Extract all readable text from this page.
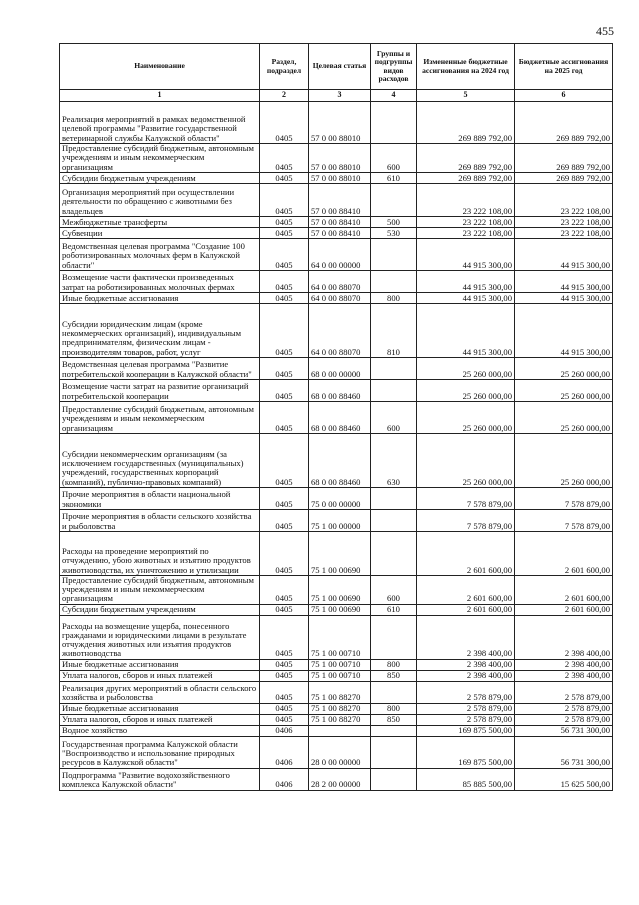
455
Наименование	Раздел, подраздел	Целевая статья	Группы и подгруппы видов расходов	Измененные бюджетные ассигнования на 2024 год	Бюджетные ассигнования на 2025 год
1	2	3	4	5	6
Реализация мероприятий в рамках ведомственной целевой программы "Развитие государственной ветеринарной службы Калужской области"	0405	57 0 00 88010		269 889 792,00	269 889 792,00
Предоставление субсидий бюджетным, автономным учреждениям и иным некоммерческим организациям	0405	57 0 00 88010	600	269 889 792,00	269 889 792,00
Субсидии бюджетным учреждениям	0405	57 0 00 88010	610	269 889 792,00	269 889 792,00
Организация мероприятий при осуществлении деятельности по обращению с животными без владельцев	0405	57 0 00 88410		23 222 108,00	23 222 108,00
Межбюджетные трансферты	0405	57 0 00 88410	500	23 222 108,00	23 222 108,00
Субвенции	0405	57 0 00 88410	530	23 222 108,00	23 222 108,00
Ведомственная целевая программа "Создание 100 роботизированных молочных ферм в Калужской области"	0405	64 0 00 00000		44 915 300,00	44 915 300,00
Возмещение части фактически произведенных затрат на роботизированных молочных фермах	0405	64 0 00 88070		44 915 300,00	44 915 300,00
Иные бюджетные ассигнования	0405	64 0 00 88070	800	44 915 300,00	44 915 300,00
Субсидии юридическим лицам (кроме некоммерческих организаций), индивидуальным предпринимателям, физическим лицам - производителям товаров, работ, услуг	0405	64 0 00 88070	810	44 915 300,00	44 915 300,00
Ведомственная целевая программа "Развитие потребительской кооперации в Калужской области"	0405	68 0 00 00000		25 260 000,00	25 260 000,00
Возмещение части затрат на развитие организаций потребительской кооперации	0405	68 0 00 88460		25 260 000,00	25 260 000,00
Предоставление субсидий бюджетным, автономным учреждениям и иным некоммерческим организациям	0405	68 0 00 88460	600	25 260 000,00	25 260 000,00
Субсидии некоммерческим организациям (за исключением государственных (муниципальных) учреждений, государственных корпораций (компаний), публично-правовых компаний)	0405	68 0 00 88460	630	25 260 000,00	25 260 000,00
Прочие мероприятия в области национальной экономики	0405	75 0 00 00000		7 578 879,00	7 578 879,00
Прочие мероприятия в области сельского хозяйства и рыболовства	0405	75 1 00 00000		7 578 879,00	7 578 879,00
Расходы на проведение мероприятий по отчуждению, убою животных и изъятию продуктов животноводства, их уничтожению и утилизации	0405	75 1 00 00690		2 601 600,00	2 601 600,00
Предоставление субсидий бюджетным, автономным учреждениям и иным некоммерческим организациям	0405	75 1 00 00690	600	2 601 600,00	2 601 600,00
Субсидии бюджетным учреждениям	0405	75 1 00 00690	610	2 601 600,00	2 601 600,00
Расходы на возмещение ущерба, понесенного гражданами и юридическими лицами в результате отчуждения животных или изъятия продуктов животноводства	0405	75 1 00 00710		2 398 400,00	2 398 400,00
Иные бюджетные ассигнования	0405	75 1 00 00710	800	2 398 400,00	2 398 400,00
Уплата налогов, сборов и иных платежей	0405	75 1 00 00710	850	2 398 400,00	2 398 400,00
Реализация других мероприятий в области сельского хозяйства и рыболовства	0405	75 1 00 88270		2 578 879,00	2 578 879,00
Иные бюджетные ассигнования	0405	75 1 00 88270	800	2 578 879,00	2 578 879,00
Уплата налогов, сборов и иных платежей	0405	75 1 00 88270	850	2 578 879,00	2 578 879,00
Водное хозяйство	0406			169 875 500,00	56 731 300,00
Государственная программа Калужской области "Воспроизводство и использование природных ресурсов в Калужской области"	0406	28 0 00 00000		169 875 500,00	56 731 300,00
Подпрограмма "Развитие водохозяйственного комплекса Калужской области"	0406	28 2 00 00000		85 885 500,00	15 625 500,00
